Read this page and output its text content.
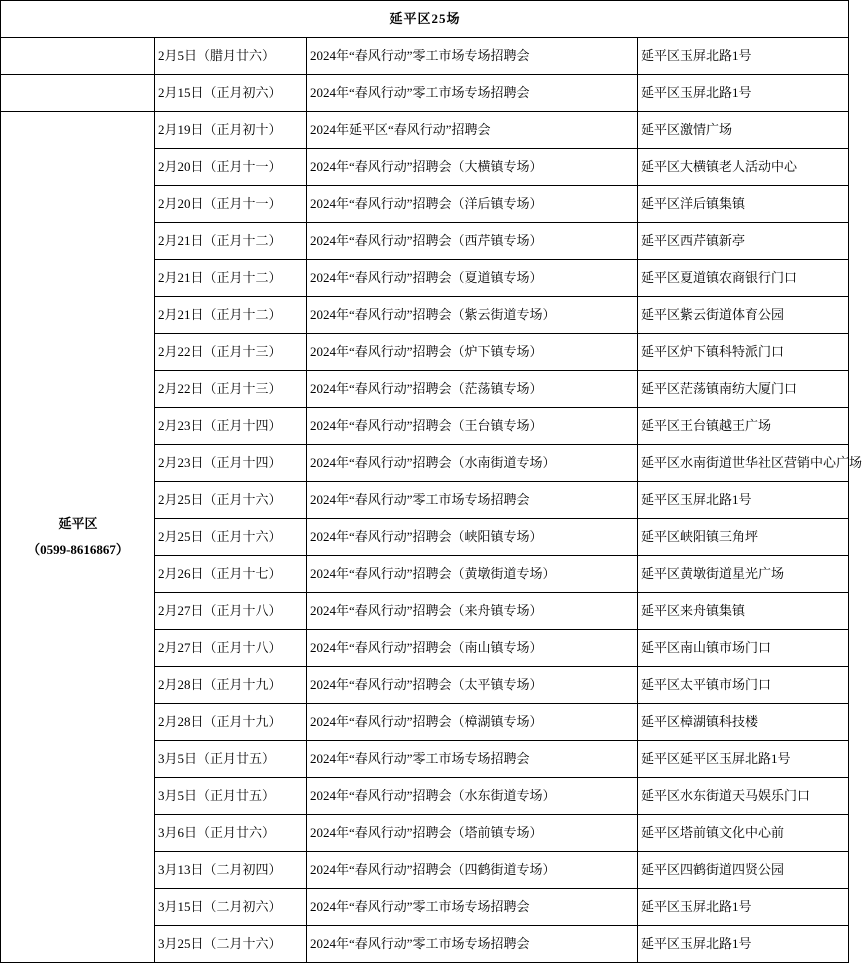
延平区25场			
	2月5日（腊月廿六）	2024年“春风行动”零工市场专场招聘会	延平区玉屏北路1号
	2月15日（正月初六）	2024年“春风行动”零工市场专场招聘会	延平区玉屏北路1号

延平区
（0599-8616867）	2月19日（正月初十）	2024年延平区“春风行动”招聘会	延平区激情广场
	2月20日（正月十一）	2024年“春风行动”招聘会（大横镇专场）	延平区大横镇老人活动中心
	2月20日（正月十一）	2024年“春风行动”招聘会（洋后镇专场）	延平区洋后镇集镇
	2月21日（正月十二）	2024年“春风行动”招聘会（西芹镇专场）	延平区西芹镇新亭
	2月21日（正月十二）	2024年“春风行动”招聘会（夏道镇专场）	延平区夏道镇农商银行门口
	2月21日（正月十二）	2024年“春风行动”招聘会（紫云街道专场）	延平区紫云街道体育公园
	2月22日（正月十三）	2024年“春风行动”招聘会（炉下镇专场）	延平区炉下镇科特派门口
	2月22日（正月十三）	2024年“春风行动”招聘会（茫荡镇专场）	延平区茫荡镇南纺大厦门口
	2月23日（正月十四）	2024年“春风行动”招聘会（王台镇专场）	延平区王台镇越王广场
	2月23日（正月十四）	2024年“春风行动”招聘会（水南街道专场）	延平区水南街道世华社区营销中心广场
	2月25日（正月十六）	2024年“春风行动”零工市场专场招聘会	延平区玉屏北路1号
	2月25日（正月十六）	2024年“春风行动”招聘会（峡阳镇专场）	延平区峡阳镇三角坪
	2月26日（正月十七）	2024年“春风行动”招聘会（黄墩街道专场）	延平区黄墩街道星光广场
	2月27日（正月十八）	2024年“春风行动”招聘会（来舟镇专场）	延平区来舟镇集镇
	2月27日（正月十八）	2024年“春风行动”招聘会（南山镇专场）	延平区南山镇市场门口
	2月28日（正月十九）	2024年“春风行动”招聘会（太平镇专场）	延平区太平镇市场门口
	2月28日（正月十九）	2024年“春风行动”招聘会（樟湖镇专场）	延平区樟湖镇科技楼
	3月5日（正月廿五）	2024年“春风行动”零工市场专场招聘会	延平区延平区玉屏北路1号
	3月5日（正月廿五）	2024年“春风行动”招聘会（水东街道专场）	延平区水东街道天马娱乐门口
	3月6日（正月廿六）	2024年“春风行动”招聘会（塔前镇专场）	延平区塔前镇文化中心前
	3月13日（二月初四）	2024年“春风行动”招聘会（四鹤街道专场）	延平区四鹤街道四贤公园
	3月15日（二月初六）	2024年“春风行动”零工市场专场招聘会	延平区玉屏北路1号
	3月25日（二月十六）	2024年“春风行动”零工市场专场招聘会	延平区玉屏北路1号
